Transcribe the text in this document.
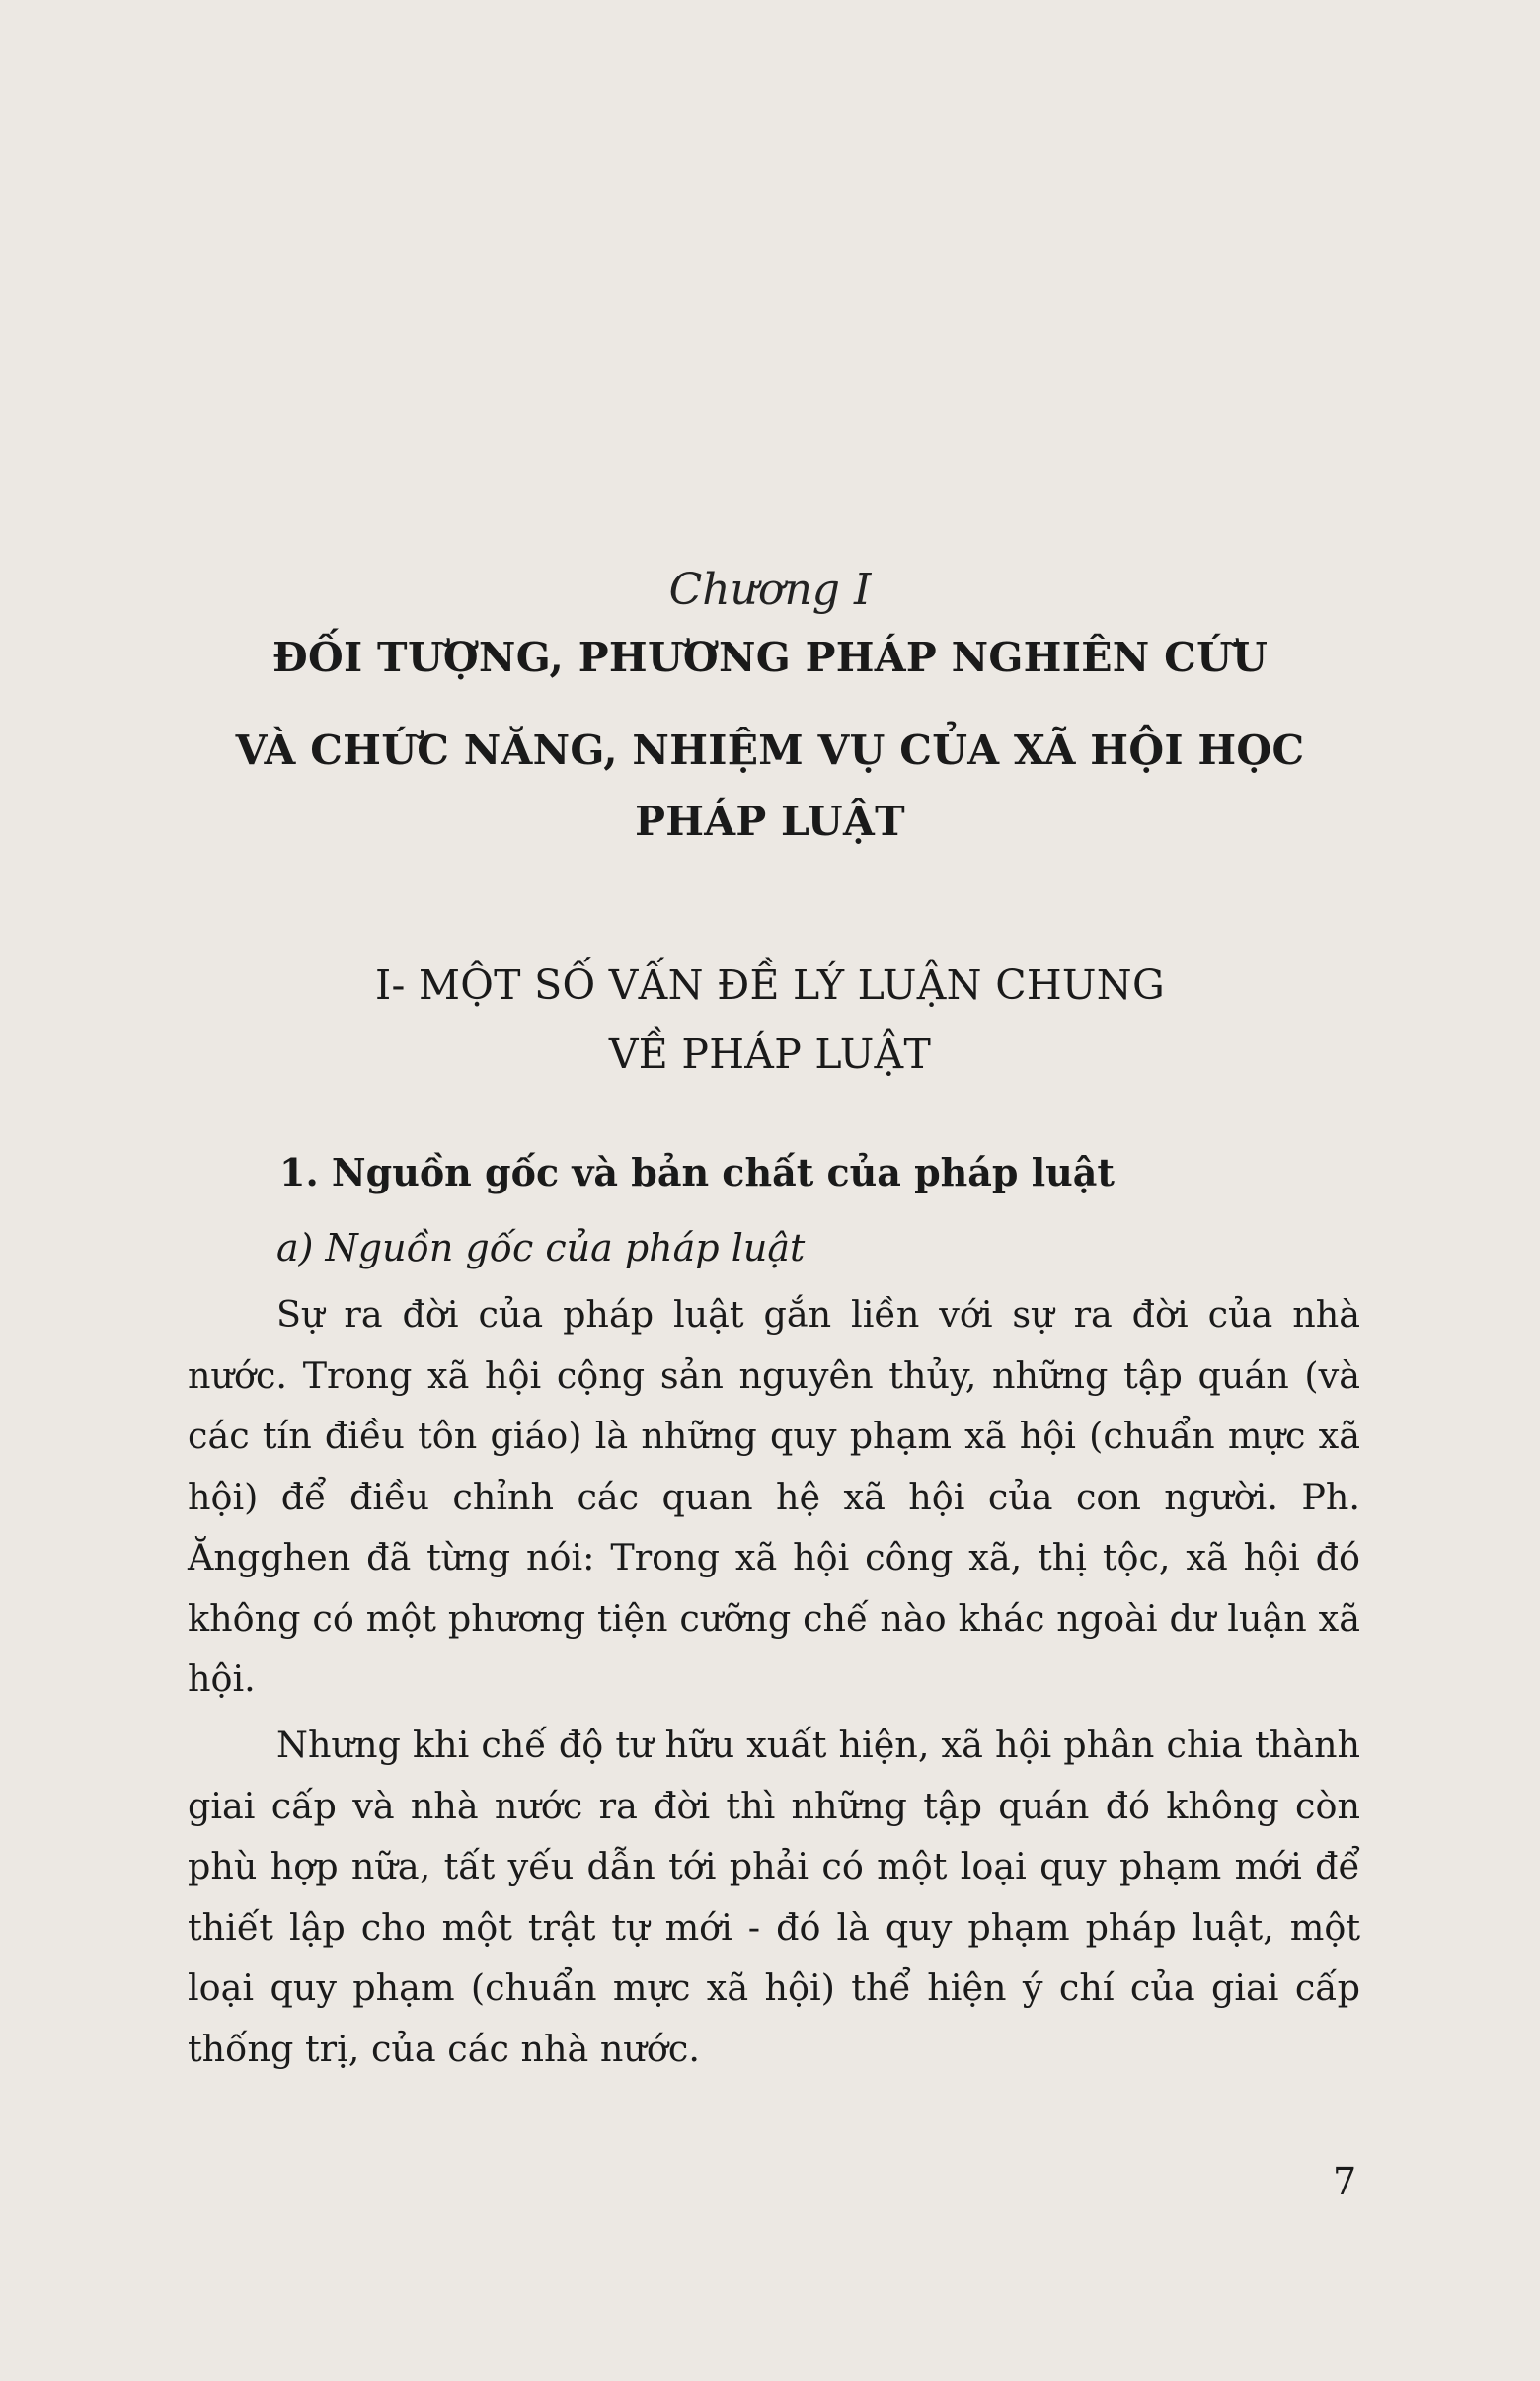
Chương I
ĐỐI TƯỢNG, PHƯƠNG PHÁP NGHIÊN CỨU
VÀ CHỨC NĂNG, NHIỆM VỤ CỦA XÃ HỘI HỌC
PHÁP LUẬT
I- MỘT SỐ VẤN ĐỀ LÝ LUẬN CHUNG
VỀ PHÁP LUẬT
1. Nguồn gốc và bản chất của pháp luật
a) Nguồn gốc của pháp luật
Sự ra đời của pháp luật gắn liền với sự ra đời của nhà nước. Trong xã hội cộng sản nguyên thủy, những tập quán (và các tín điều tôn giáo) là những quy phạm xã hội (chuẩn mực xã hội) để điều chỉnh các quan hệ xã hội của con người. Ph. Ăngghen đã từng nói: Trong xã hội công xã, thị tộc, xã hội đó không có một phương tiện cưỡng chế nào khác ngoài dư luận xã hội.
Nhưng khi chế độ tư hữu xuất hiện, xã hội phân chia thành giai cấp và nhà nước ra đời thì những tập quán đó không còn phù hợp nữa, tất yếu dẫn tới phải có một loại quy phạm mới để thiết lập cho một trật tự mới - đó là quy phạm pháp luật, một loại quy phạm (chuẩn mực xã hội) thể hiện ý chí của giai cấp thống trị, của các nhà nước.
7
